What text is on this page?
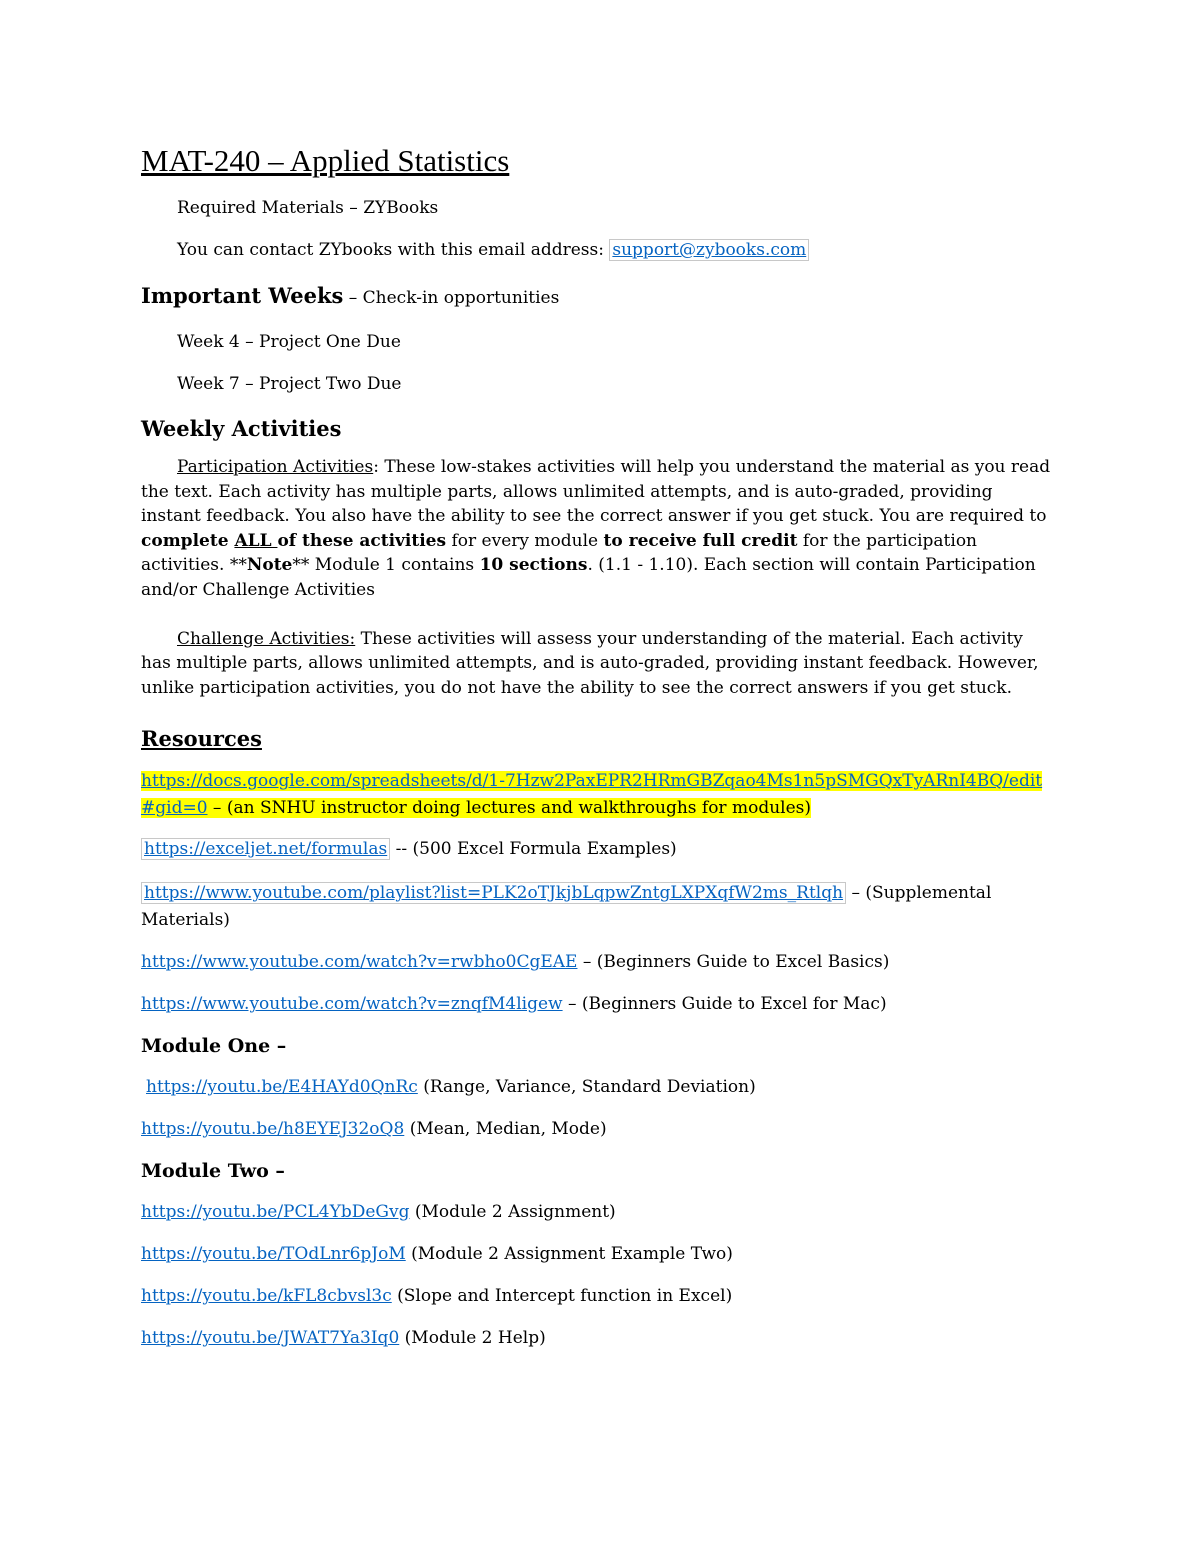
MAT-240 – Applied Statistics

Required Materials – ZYBooks

You can contact ZYbooks with this email address: support@zybooks.com

Important Weeks – Check-in opportunities

Week 4 – Project One Due

Week 7 – Project Two Due

Weekly Activities

Participation Activities: These low-stakes activities will help you understand the material as you read the text. Each activity has multiple parts, allows unlimited attempts, and is auto-graded, providing instant feedback. You also have the ability to see the correct answer if you get stuck. You are required to complete ALL of these activities for every module to receive full credit for the participation activities. **Note** Module 1 contains 10 sections. (1.1 - 1.10). Each section will contain Participation and/or Challenge Activities

Challenge Activities: These activities will assess your understanding of the material. Each activity has multiple parts, allows unlimited attempts, and is auto-graded, providing instant feedback. However, unlike participation activities, you do not have the ability to see the correct answers if you get stuck.

Resources

https://docs.google.com/spreadsheets/d/1-7Hzw2PaxEPR2HRmGBZqao4Ms1n5pSMGQxTyARnI4BQ/edit#gid=0 – (an SNHU instructor doing lectures and walkthroughs for modules)

https://exceljet.net/formulas -- (500 Excel Formula Examples)

https://www.youtube.com/playlist?list=PLK2oTJkjbLqpwZntgLXPXqfW2ms_Rtlqh – (Supplemental Materials)

https://www.youtube.com/watch?v=rwbho0CgEAE – (Beginners Guide to Excel Basics)

https://www.youtube.com/watch?v=znqfM4ligew – (Beginners Guide to Excel for Mac)

Module One –

https://youtu.be/E4HAYd0QnRc (Range, Variance, Standard Deviation)

https://youtu.be/h8EYEJ32oQ8 (Mean, Median, Mode)

Module Two –

https://youtu.be/PCL4YbDeGvg (Module 2 Assignment)

https://youtu.be/TOdLnr6pJoM (Module 2 Assignment Example Two)

https://youtu.be/kFL8cbvsl3c (Slope and Intercept function in Excel)

https://youtu.be/JWAT7Ya3Iq0 (Module 2 Help)
